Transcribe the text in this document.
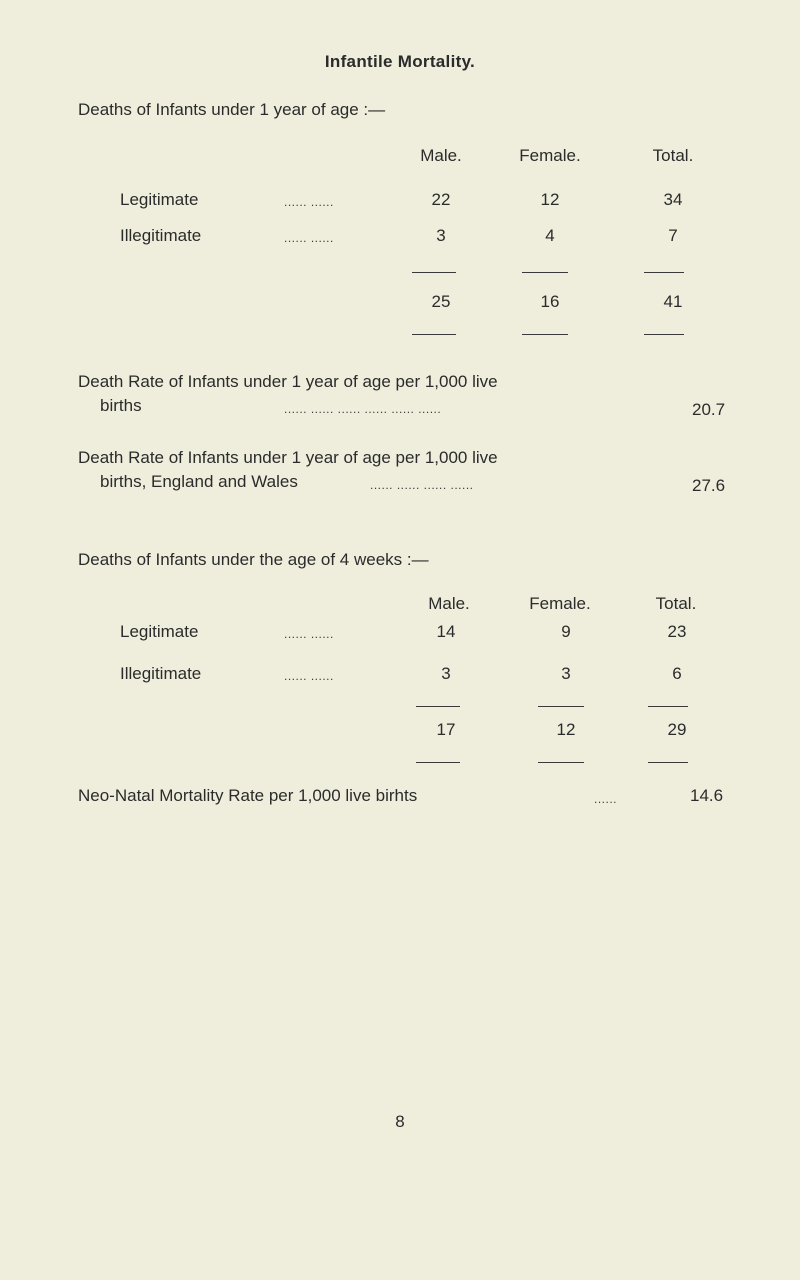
Infantile Mortality.
Deaths of Infants under 1 year of age :—
Male.	Female.	Total.
Legitimate	...... ......	22	12	34
Illegitimate	...... ......	3	4	7
25	16	41
Death Rate of Infants under 1 year of age per 1,000 live
births	...... ...... ...... ...... ...... ......	20.7
Death Rate of Infants under 1 year of age per 1,000 live
births, England and Wales	...... ...... ...... ......	27.6
Deaths of Infants under the age of 4 weeks :—
Male.	Female.	Total.
Legitimate	...... ......	14	9	23
Illegitimate	...... ......	3	3	6
17	12	29
Neo-Natal Mortality Rate per 1,000 live birhts	......	14.6
8
